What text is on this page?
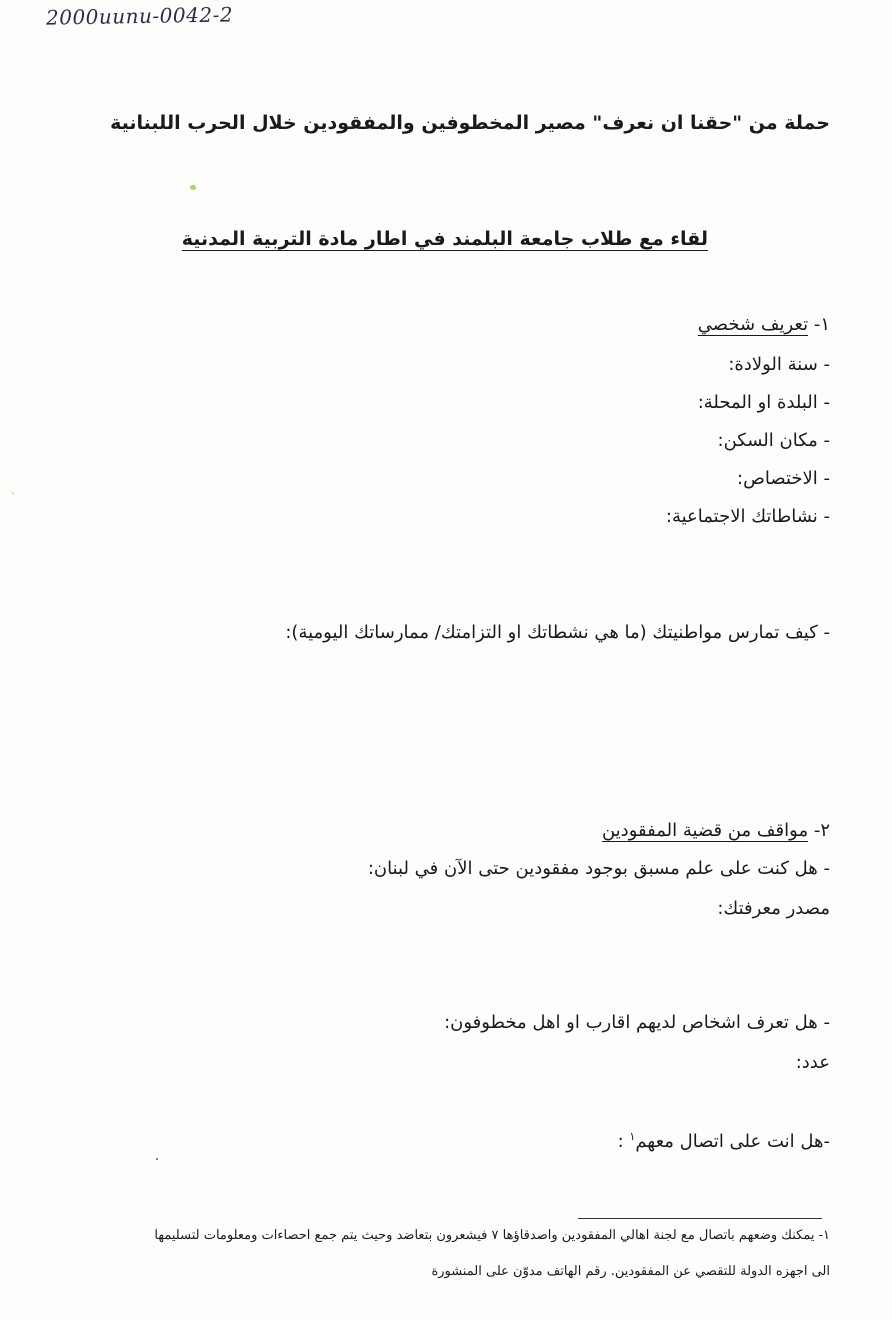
2000uunu-0042-2
حملة من "حقنا ان نعرف" مصير المخطوفين والمفقودين خلال الحرب اللبنانية
لقاء مع طلاب جامعة البلمند في اطار مادة التربية المدنية
١- تعريف شخصي
- سنة الولادة:
- البلدة او المحلة:
- مكان السكن:
- الاختصاص:
- نشاطاتك الاجتماعية:
- كيف تمارس مواطنيتك (ما هي نشطاتك او التزامتك/ ممارساتك اليومية):
٢- مواقف من قضية المفقودين
- هل كنت على علم مسبق بوجود مفقودين حتى الآن في لبنان:
مصدر معرفتك:
- هل تعرف اشخاص لديهم اقارب او اهل مخطوفون:
عدد:
-هل انت على اتصال معهم$^١$ :
١- يمكنك وضعهم باتصال مع لجنة اهالي المفقودين واصدقاؤها ٧ فيشعرون بتعاضد وحيث يتم جمع احصاءات ومعلومات لتسليمها
الى اجهزه الدولة للتقصي عن المفقودين. رقم الهاتف مدوّن على المنشورة
